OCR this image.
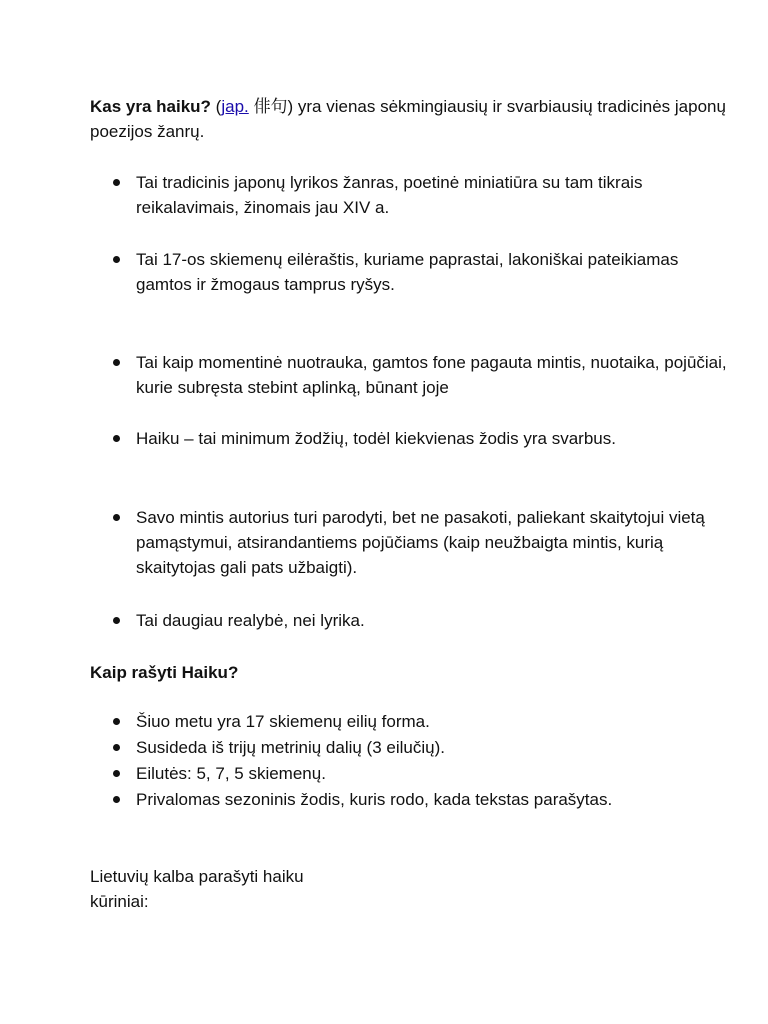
Kas yra haiku? (jap. 俳句) yra vienas sėkmingiausių ir svarbiausių tradicinės japonų poezijos žanrų.

Tai tradicinis japonų lyrikos žanras, poetinė miniatiūra su tam tikrais reikalavimais, žinomais jau XIV a.
Tai 17-os skiemenų eilėraštis, kuriame paprastai, lakoniškai pateikiamas gamtos ir žmogaus tamprus ryšys.
Tai kaip momentinė nuotrauka, gamtos fone pagauta mintis, nuotaika, pojūčiai, kurie subręsta stebint aplinką, būnant joje
Haiku – tai minimum žodžių, todėl kiekvienas žodis yra svarbus.
Savo mintis autorius turi parodyti, bet ne pasakoti, paliekant skaitytojui vietą pamąstymui, atsirandantiems pojūčiams (kaip neužbaigta mintis, kurią skaitytojas gali pats užbaigti).
Tai daugiau realybė, nei lyrika.

Kaip rašyti Haiku?

Šiuo metu yra 17 skiemenų eilių forma.
Susideda iš trijų metrinių dalių (3 eilučių).
Eilutės: 5, 7, 5 skiemenų.
Privalomas sezoninis žodis, kuris rodo, kada tekstas parašytas.

Lietuvių kalba parašyti haiku kūriniai:
